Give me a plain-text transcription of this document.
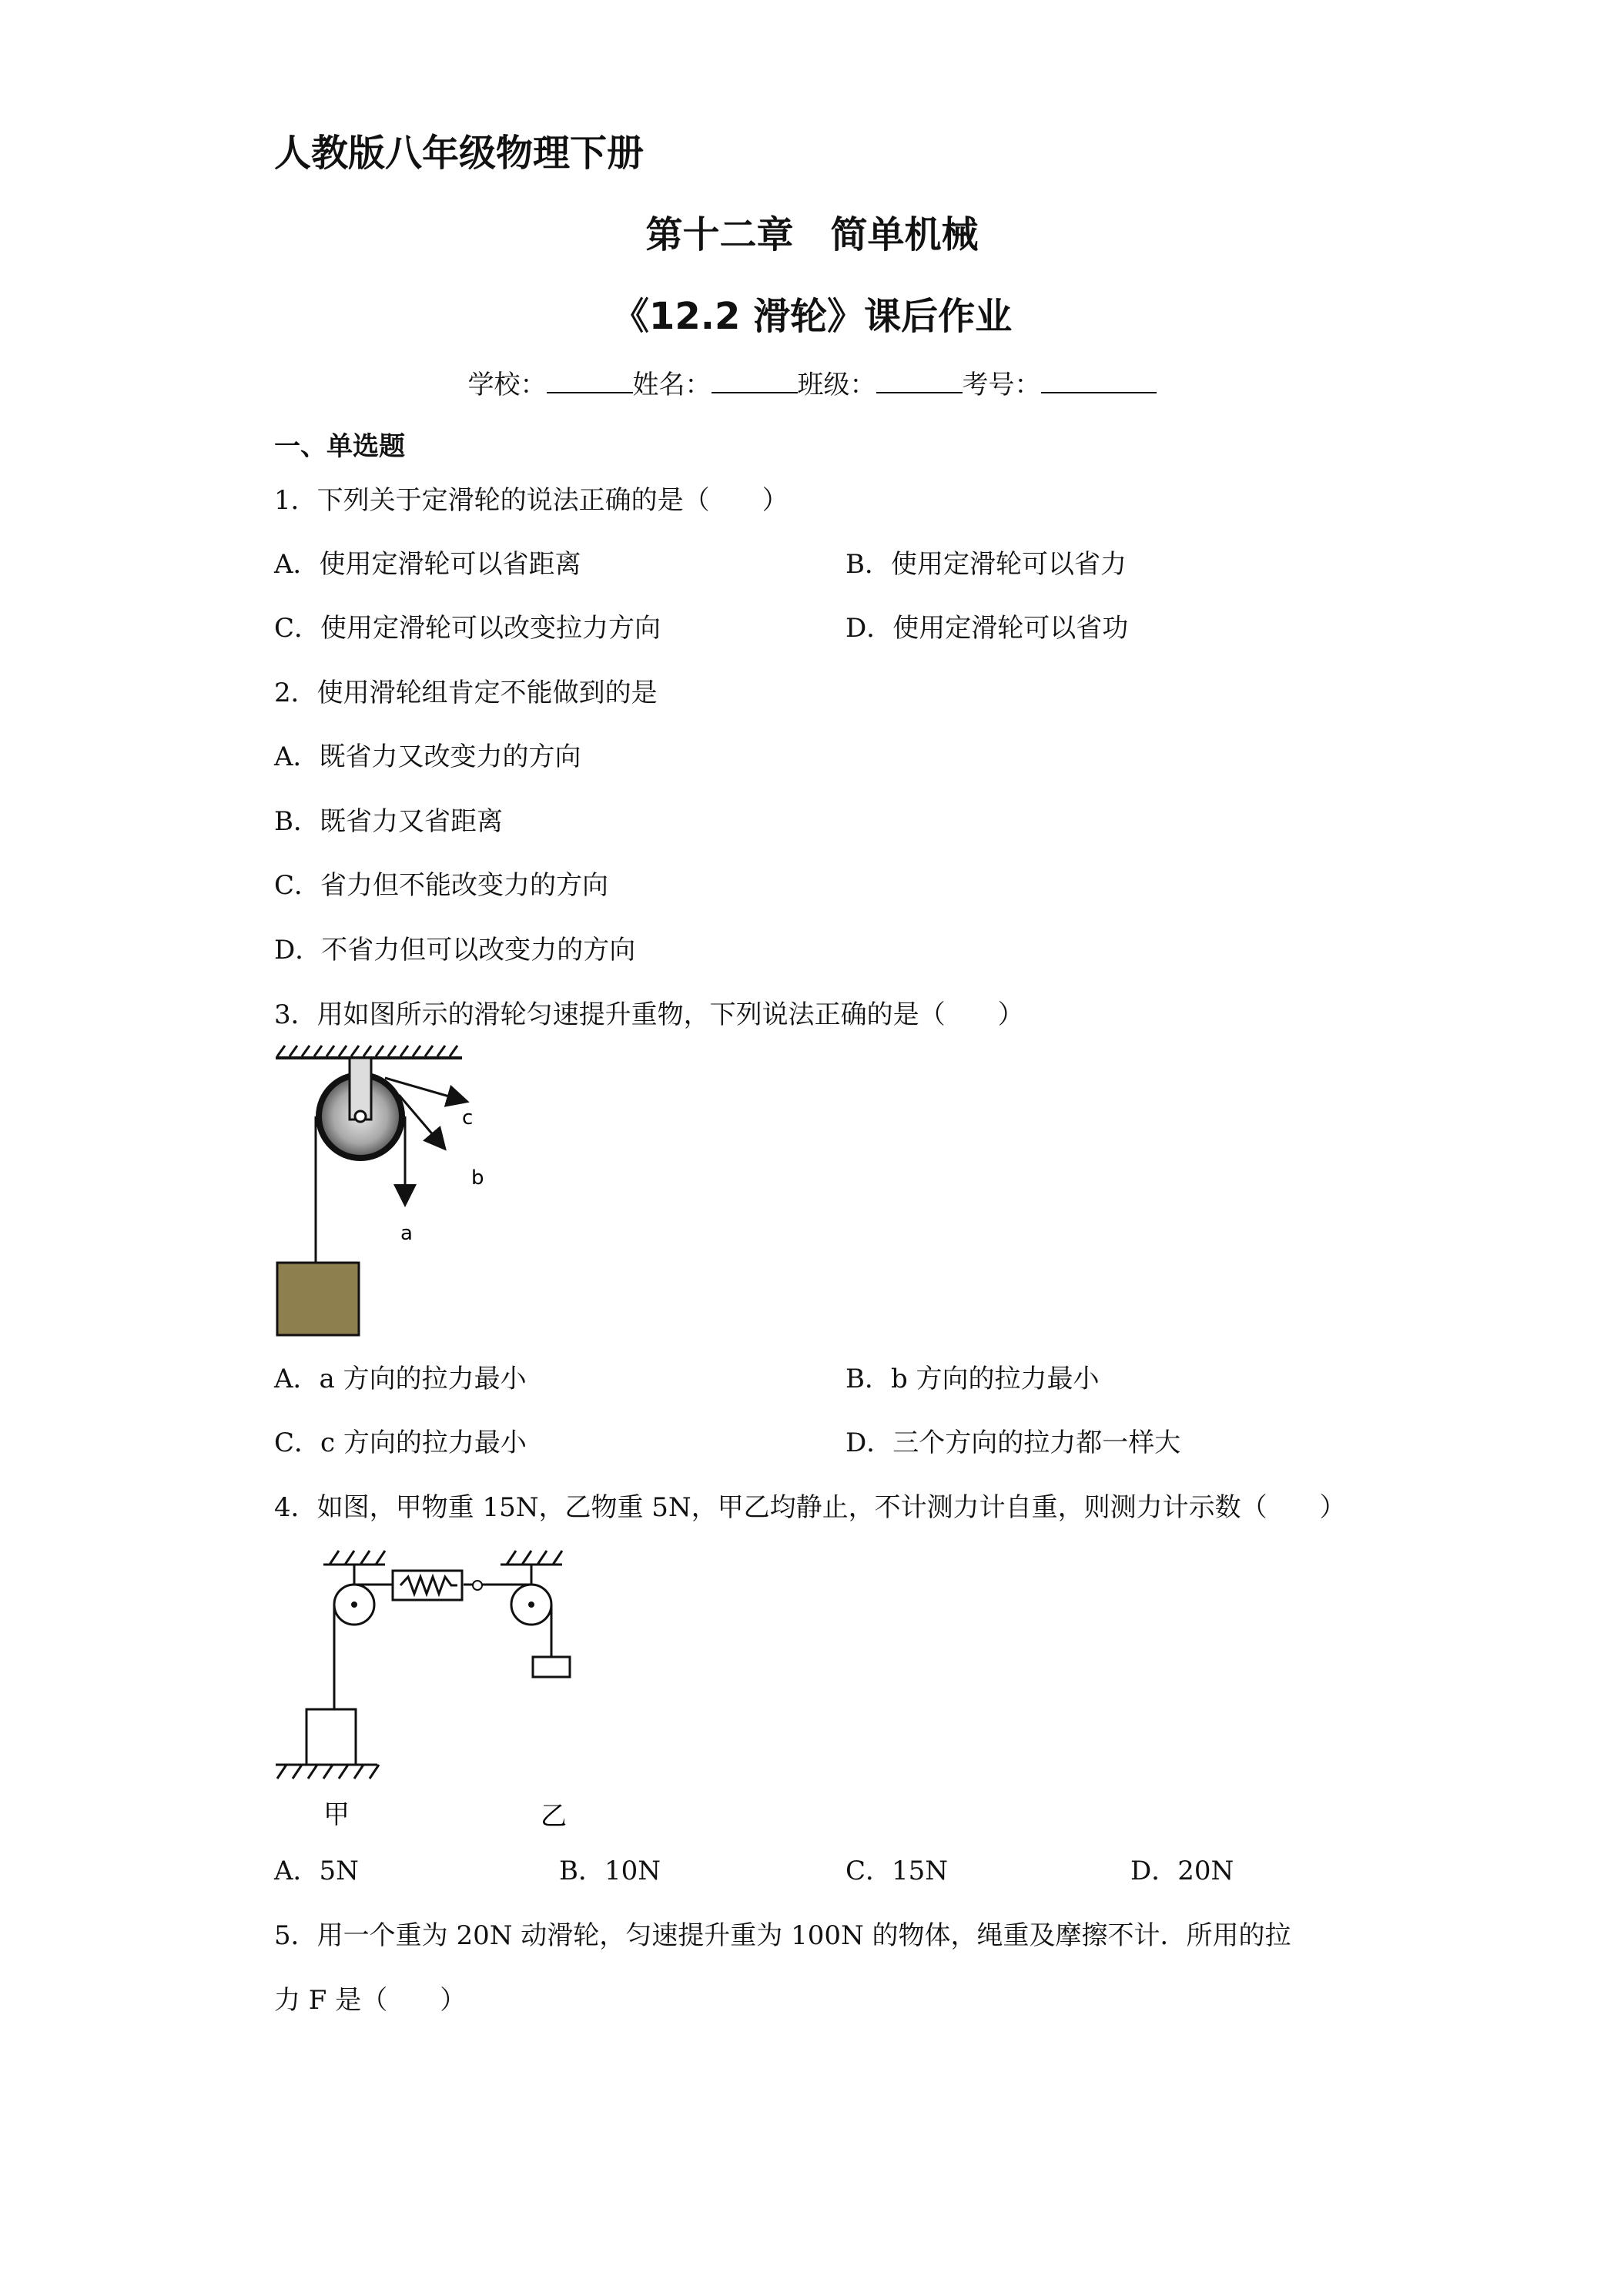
人教版八年级物理下册
第十二章　简单机械
《12.2 滑轮》课后作业
学校：	姓名：	班级：	考号：
一、单选题
1．下列关于定滑轮的说法正确的是（　　）
A．使用定滑轮可以省距离	B．使用定滑轮可以省力
C．使用定滑轮可以改变拉力方向	D．使用定滑轮可以省功
2．使用滑轮组肯定不能做到的是
A．既省力又改变力的方向
B．既省力又省距离
C．省力但不能改变力的方向
D．不省力但可以改变力的方向
3．用如图所示的滑轮匀速提升重物，下列说法正确的是（　　）
c
b
a
A．a 方向的拉力最小	B．b 方向的拉力最小
C．c 方向的拉力最小	D．三个方向的拉力都一样大
4．如图，甲物重 15N，乙物重 5N，甲乙均静止，不计测力计自重，则测力计示数（　　）
甲	乙
A．5N	B．10N	C．15N	D．20N
5．用一个重为 20N 动滑轮，匀速提升重为 100N 的物体，绳重及摩擦不计．所用的拉
力 F 是（　　）
